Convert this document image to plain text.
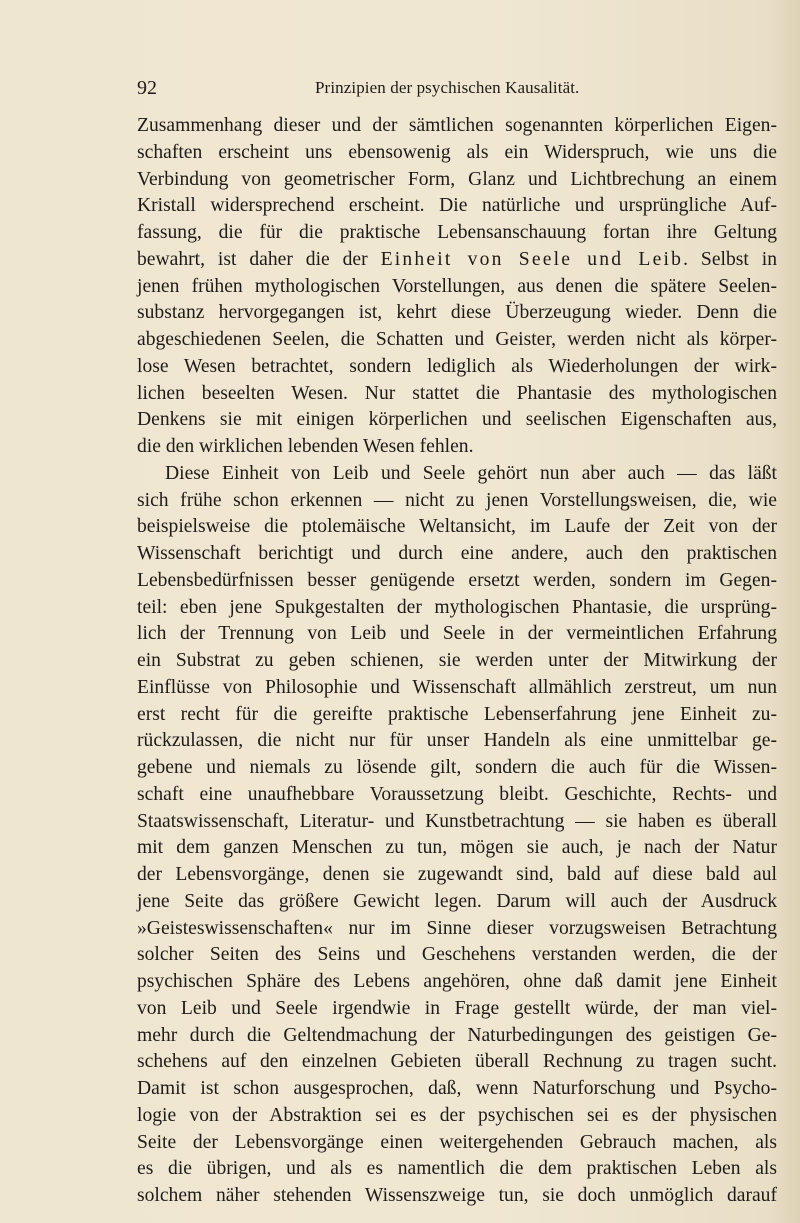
92	Prinzipien der psychischen Kausalität.
Zusammenhang dieser und der sämtlichen sogenannten körperlichen Eigen-
schaften erscheint uns ebensowenig als ein Widerspruch, wie uns die
Verbindung von geometrischer Form, Glanz und Lichtbrechung an einem
Kristall widersprechend erscheint. Die natürliche und ursprüngliche Auf-
fassung, die für die praktische Lebensanschauung fortan ihre Geltung
bewahrt, ist daher die der Einheit von Seele und Leib. Selbst in
jenen frühen mythologischen Vorstellungen, aus denen die spätere Seelen-
substanz hervorgegangen ist, kehrt diese Überzeugung wieder. Denn die
abgeschiedenen Seelen, die Schatten und Geister, werden nicht als körper-
lose Wesen betrachtet, sondern lediglich als Wiederholungen der wirk-
lichen beseelten Wesen. Nur stattet die Phantasie des mythologischen
Denkens sie mit einigen körperlichen und seelischen Eigenschaften aus,
die den wirklichen lebenden Wesen fehlen.
Diese Einheit von Leib und Seele gehört nun aber auch — das läßt
sich frühe schon erkennen — nicht zu jenen Vorstellungsweisen, die, wie
beispielsweise die ptolemäische Weltansicht, im Laufe der Zeit von der
Wissenschaft berichtigt und durch eine andere, auch den praktischen
Lebensbedürfnissen besser genügende ersetzt werden, sondern im Gegen-
teil: eben jene Spukgestalten der mythologischen Phantasie, die ursprüng-
lich der Trennung von Leib und Seele in der vermeintlichen Erfahrung
ein Substrat zu geben schienen, sie werden unter der Mitwirkung der
Einflüsse von Philosophie und Wissenschaft allmählich zerstreut, um nun
erst recht für die gereifte praktische Lebenserfahrung jene Einheit zu-
rückzulassen, die nicht nur für unser Handeln als eine unmittelbar ge-
gebene und niemals zu lösende gilt, sondern die auch für die Wissen-
schaft eine unaufhebbare Voraussetzung bleibt. Geschichte, Rechts- und
Staatswissenschaft, Literatur- und Kunstbetrachtung — sie haben es überall
mit dem ganzen Menschen zu tun, mögen sie auch, je nach der Natur
der Lebensvorgänge, denen sie zugewandt sind, bald auf diese bald aul
jene Seite das größere Gewicht legen. Darum will auch der Ausdruck
»Geisteswissenschaften« nur im Sinne dieser vorzugsweisen Betrachtung
solcher Seiten des Seins und Geschehens verstanden werden, die der
psychischen Sphäre des Lebens angehören, ohne daß damit jene Einheit
von Leib und Seele irgendwie in Frage gestellt würde, der man viel-
mehr durch die Geltendmachung der Naturbedingungen des geistigen Ge-
schehens auf den einzelnen Gebieten überall Rechnung zu tragen sucht.
Damit ist schon ausgesprochen, daß, wenn Naturforschung und Psycho-
logie von der Abstraktion sei es der psychischen sei es der physischen
Seite der Lebensvorgänge einen weitergehenden Gebrauch machen, als
es die übrigen, und als es namentlich die dem praktischen Leben als
solchem näher stehenden Wissenszweige tun, sie doch unmöglich darauf
